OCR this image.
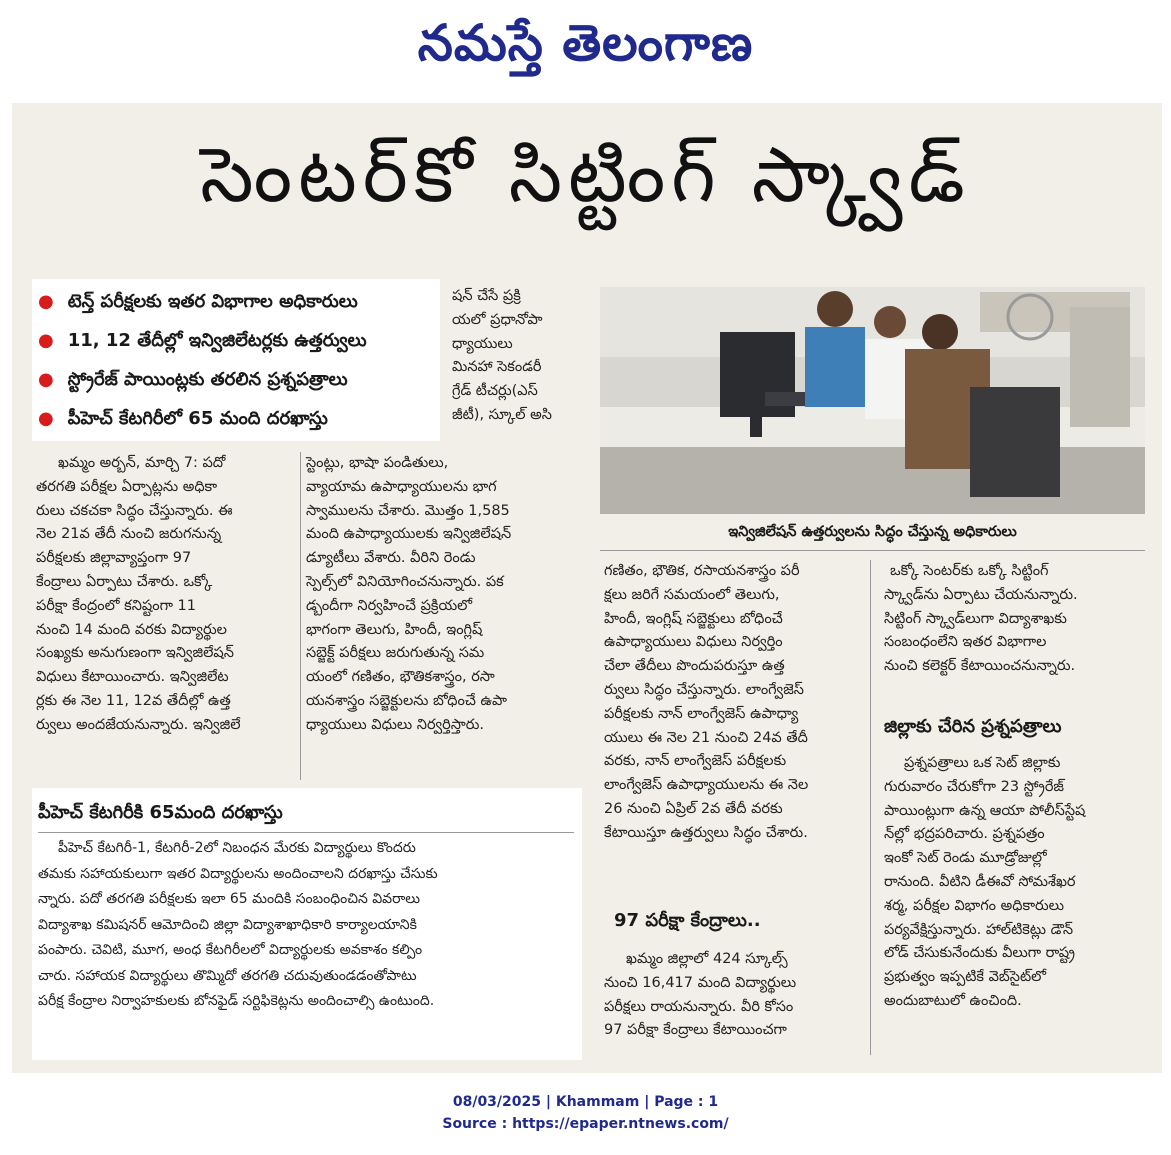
నమస్తే తెలంగాణ
సెంటర్‌కో సిట్టింగ్ స్క్వాడ్
● టెన్త్ పరీక్షలకు ఇతర విభాగాల అధికారులు
● 11, 12 తేదీల్లో ఇన్విజిలేటర్లకు ఉత్తర్వులు
● స్ట్రోరేజ్ పాయింట్లకు తరలిన ప్రశ్నపత్రాలు
● పీహెచ్ కేటగిరీలో 65 మంది దరఖాస్తు

ఖమ్మం అర్బన్, మార్చి 7: పదో

తరగతి పరీక్షల ఏర్పాట్లను అధికా

రులు చకచకా సిద్ధం చేస్తున్నారు. ఈ

నెల 21వ తేదీ నుంచి జరుగనున్న

పరీక్షలకు జిల్లావ్యాప్తంగా 97

కేంద్రాలు ఏర్పాటు చేశారు. ఒక్కో

పరీక్షా కేంద్రంలో కనిష్టంగా 11

నుంచి 14 మంది వరకు విద్యార్థుల

సంఖ్యకు అనుగుణంగా ఇన్విజిలేషన్

విధులు కేటాయించారు. ఇన్విజిలేట

ర్లకు ఈ నెల 11, 12వ తేదీల్లో ఉత్త

ర్వులు అందజేయనున్నారు. ఇన్విజిలే

షన్ చేసే ప్రక్రి

యలో ప్రధానోపా

ధ్యాయులు

మినహా సెకండరీ

గ్రేడ్ టీచర్లు(ఎస్

జీటీ), స్కూల్ అసి

స్టెంట్లు, భాషా పండితులు,

వ్యాయామ ఉపాధ్యాయులను భాగ

స్వాములను చేశారు. మొత్తం 1,585

మంది ఉపాధ్యాయులకు ఇన్విజిలేషన్

డ్యూటీలు వేశారు. వీరిని రెండు

స్పెల్స్‌లో వినియోగించనున్నారు. పక

డ్బందీగా నిర్వహించే ప్రక్రియలో

భాగంగా తెలుగు, హిందీ, ఇంగ్లిష్

సబ్జెక్ట్ పరీక్షలు జరుగుతున్న సమ

యంలో గణితం, భౌతికశాస్త్రం, రసా

యనశాస్త్రం సబ్జెక్టులను బోధించే ఉపా

ధ్యాయులు విధులు నిర్వర్తిస్తారు.

ఇన్విజిలేషన్ ఉత్తర్వులను సిద్ధం చేస్తున్న అధికారులు

గణితం, భౌతిక, రసాయనశాస్త్రం పరీ

క్షలు జరిగే సమయంలో తెలుగు,

హిందీ, ఇంగ్లిష్ సబ్జెక్టులు బోధించే

ఉపాధ్యాయులు విధులు నిర్వర్తిం

చేలా తేదీలు పొందుపరుస్తూ ఉత్త

ర్వులు సిద్ధం చేస్తున్నారు. లాంగ్వేజెస్

పరీక్షలకు నాన్ లాంగ్వేజెస్ ఉపాధ్యా

యులు ఈ నెల 21 నుంచి 24వ తేదీ

వరకు, నాన్ లాంగ్వేజెస్ పరీక్షలకు

లాంగ్వేజెస్ ఉపాధ్యాయులను ఈ నెల

26 నుంచి ఏప్రిల్ 2వ తేదీ వరకు

కేటాయిస్తూ ఉత్తర్వులు సిద్ధం చేశారు.

97 పరీక్షా కేంద్రాలు..

ఖమ్మం జిల్లాలో 424 స్కూల్స్

నుంచి 16,417 మంది విద్యార్థులు

పరీక్షలు రాయనున్నారు. వీరి కోసం

97 పరీక్షా కేంద్రాలు కేటాయించగా

ఒక్కో సెంటర్‌కు ఒక్కో సిట్టింగ్

స్క్వాడ్‌ను ఏర్పాటు చేయనున్నారు.

సిట్టింగ్ స్క్వాడ్‌లుగా విద్యాశాఖకు

సంబంధంలేని ఇతర విభాగాల

నుంచి కలెక్టర్ కేటాయించనున్నారు.

జిల్లాకు చేరిన ప్రశ్నపత్రాలు

ప్రశ్నపత్రాలు ఒక సెట్ జిల్లాకు

గురువారం చేరుకోగా 23 స్ట్రోరేజ్

పాయింట్లుగా ఉన్న ఆయా పోలీస్‌స్టేష

న్‌ల్లో భద్రపరిచారు. ప్రశ్నపత్రం

ఇంకో సెట్ రెండు మూడ్రోజుల్లో

రానుంది. వీటిని డీఈవో సోమశేఖర

శర్మ, పరీక్షల విభాగం అధికారులు

పర్యవేక్షిస్తున్నారు. హాల్‌టికెట్లు డౌన్

లోడ్ చేసుకునేందుకు వీలుగా రాష్ట్ర

ప్రభుత్వం ఇప్పటికే వెబ్‌సైట్‌లో

అందుబాటులో ఉంచింది.

పీహెచ్ కేటగిరీకి 65మంది దరఖాస్తు

పీహెచ్ కేటగిరీ-1, కేటగిరీ-2లో నిబంధన మేరకు విద్యార్థులు కొందరు

తమకు సహాయకులుగా ఇతర విద్యార్థులను అందించాలని దరఖాస్తు చేసుకు

న్నారు. పదో తరగతి పరీక్షలకు ఇలా 65 మందికి సంబంధించిన వివరాలు

విద్యాశాఖ కమిషనర్ ఆమోదించి జిల్లా విద్యాశాఖాధికారి కార్యాలయానికి

పంపారు. చెవిటి, మూగ, అంధ కేటగిరీలలో విద్యార్థులకు అవకాశం కల్పిం

చారు. సహాయక విద్యార్థులు తొమ్మిదో తరగతి చదువుతుండడంతోపాటు

పరీక్ష కేంద్రాల నిర్వాహకులకు బోనఫైడ్ సర్టిఫికెట్లను అందించాల్సి ఉంటుంది.

08/03/2025 | Khammam | Page : 1
Source : https://epaper.ntnews.com/
